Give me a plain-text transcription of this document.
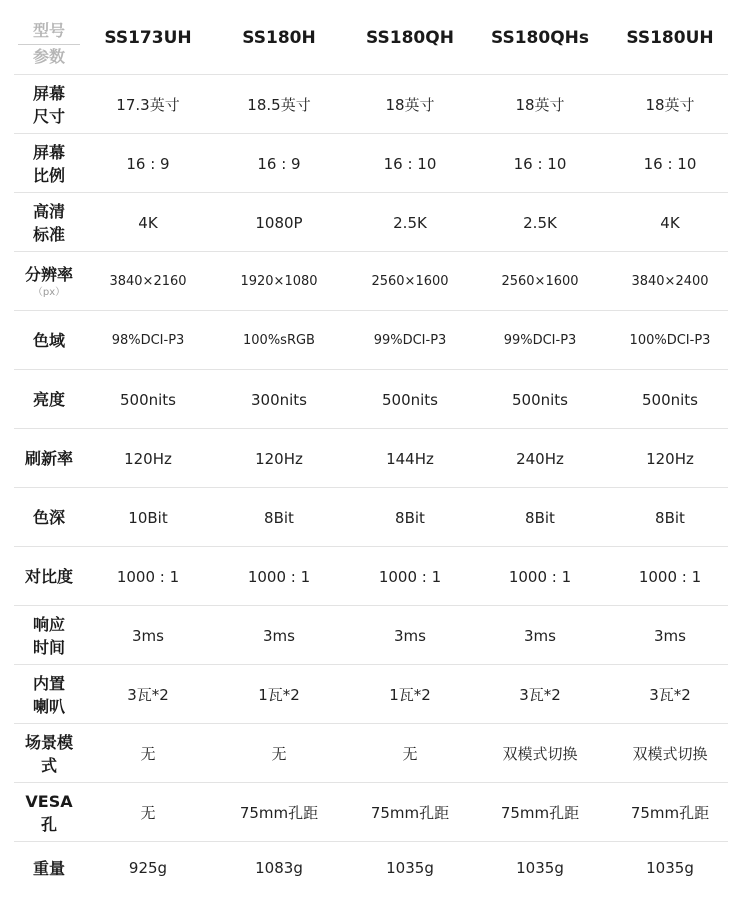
型号
参数
SS173UH	SS180H	SS180QH	SS180QHs	SS180UH
屏幕
尺寸
17.3英寸	18.5英寸	18英寸	18英寸	18英寸
屏幕
比例
16 : 9	16 : 9	16 : 10	16 : 10	16 : 10
高清
标准
4K	1080P	2.5K	2.5K	4K
分辨率
（px）
3840×2160	1920×1080	2560×1600	2560×1600	3840×2400
色域	98%DCI-P3	100%sRGB	99%DCI-P3	99%DCI-P3	100%DCI-P3
亮度	500nits	300nits	500nits	500nits	500nits
刷新率	120Hz	120Hz	144Hz	240Hz	120Hz
色深	10Bit	8Bit	8Bit	8Bit	8Bit
对比度	1000 : 1	1000 : 1	1000 : 1	1000 : 1	1000 : 1
响应
时间
3ms	3ms	3ms	3ms	3ms
内置
喇叭
3瓦*2	1瓦*2	1瓦*2	3瓦*2	3瓦*2
场景模
式
无	无	无	双模式切换	双模式切换
VESA
孔
无	75mm孔距	75mm孔距	75mm孔距	75mm孔距
重量	925g	1083g	1035g	1035g	1035g
